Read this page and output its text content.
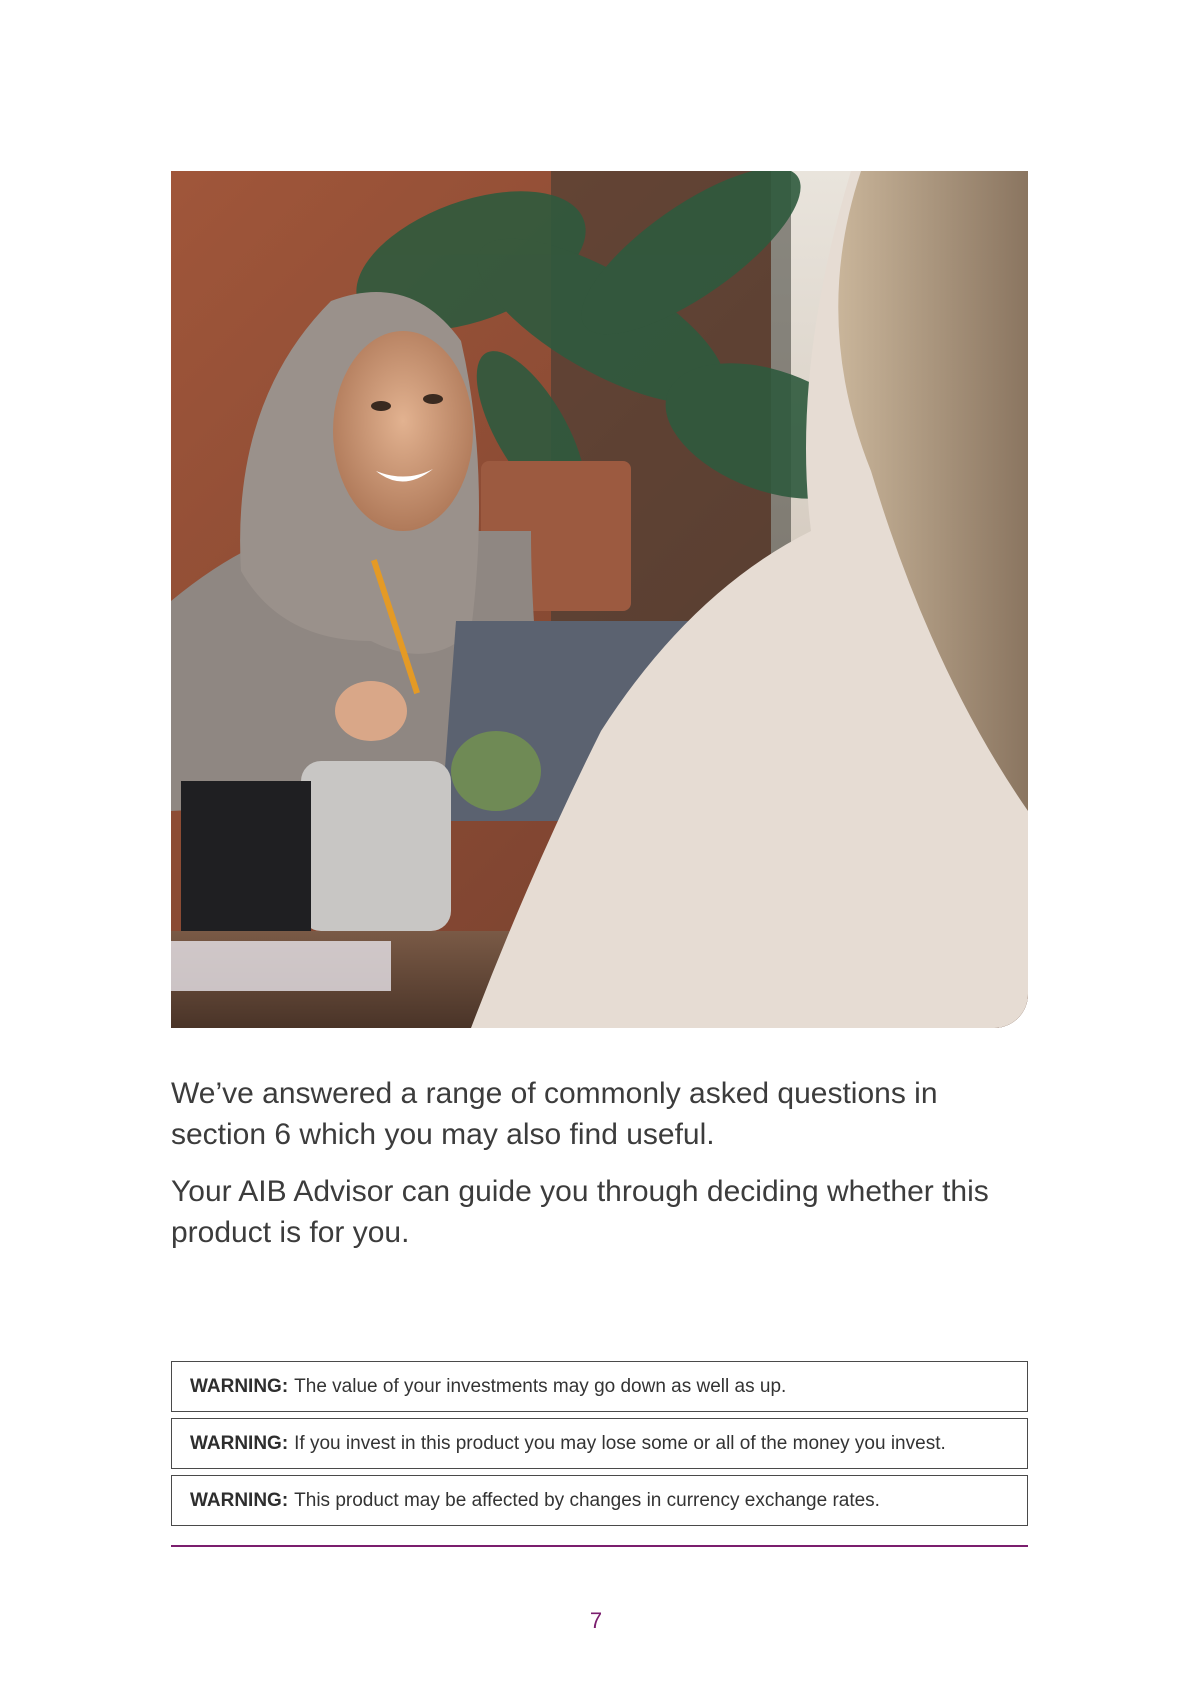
We’ve answered a range of commonly asked questions in section 6 which you may also find useful.

Your AIB Advisor can guide you through deciding whether this product is for you.

WARNING: The value of your investments may go down as well as up.
WARNING: If you invest in this product you may lose some or all of the money you invest.
WARNING: This product may be affected by changes in currency exchange rates.
7
